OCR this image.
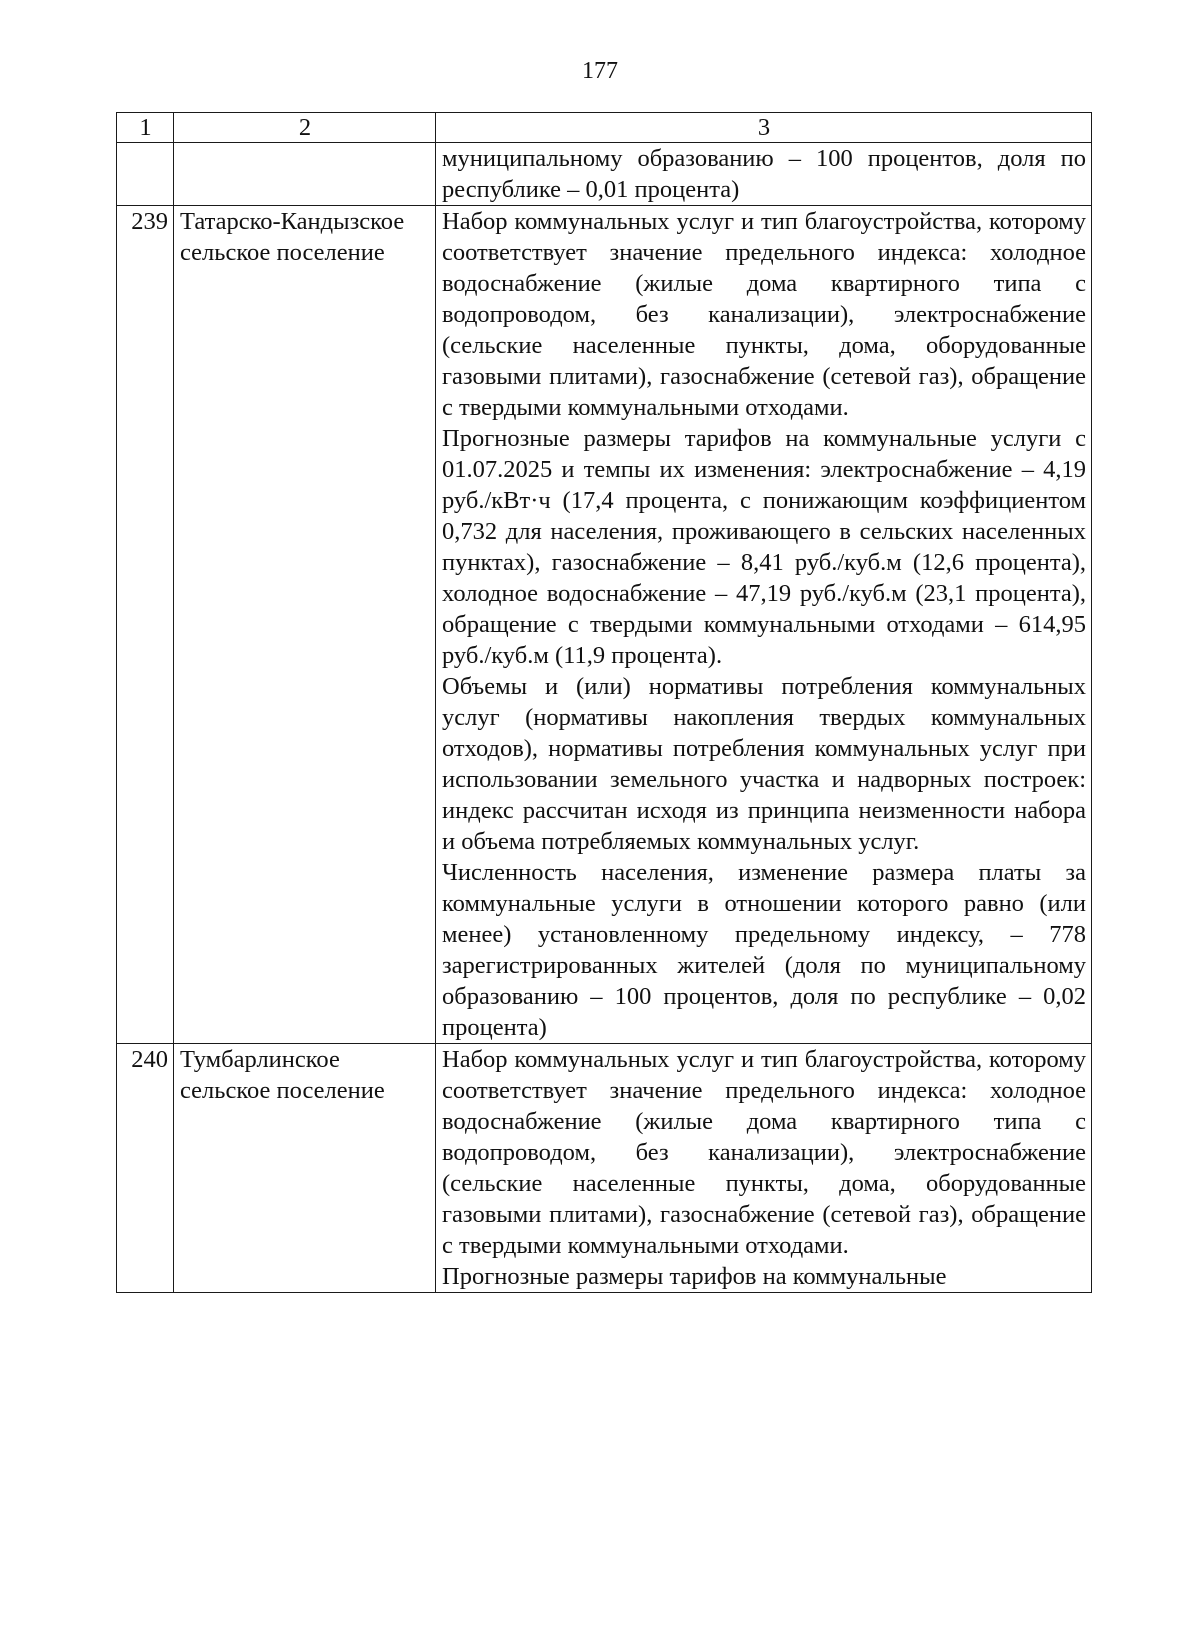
177
1	2	3

		муниципальному образованию – 100 процентов, доля по республике – 0,01 процента)

239	Татарско-Кандызское сельское поселение	Набор коммунальных услуг и тип благоустройства, которому соответствует значение предельного индекса: холодное водоснабжение (жилые дома квартирного типа с водопроводом, без канализации), электроснабжение (сельские населенные пункты, дома, оборудованные газовыми плитами), газоснабжение (сетевой газ), обращение с твердыми коммунальными отходами.
Прогнозные размеры тарифов на коммунальные услуги с 01.07.2025 и темпы их изменения: электроснабжение – 4,19 руб./кВт·ч (17,4 процента, с понижающим коэффициентом 0,732 для населения, проживающего в сельских населенных пунктах), газоснабжение – 8,41 руб./куб.м (12,6 процента), холодное водоснабжение – 47,19 руб./куб.м (23,1 процента), обращение с твердыми коммунальными отходами – 614,95 руб./куб.м (11,9 процента).
Объемы и (или) нормативы потребления коммунальных услуг (нормативы накопления твердых коммунальных отходов), нормативы потребления коммунальных услуг при использовании земельного участка и надворных построек: индекс рассчитан исходя из принципа неизменности набора и объема потребляемых коммунальных услуг.
Численность населения, изменение размера платы за коммунальные услуги в отношении которого равно (или менее) установленному предельному индексу, – 778 зарегистрированных жителей (доля по муниципальному образованию – 100 процентов, доля по республике – 0,02 процента)

240	Тумбарлинское сельское поселение	Набор коммунальных услуг и тип благоустройства, которому соответствует значение предельного индекса: холодное водоснабжение (жилые дома квартирного типа с водопроводом, без канализации), электроснабжение (сельские населенные пункты, дома, оборудованные газовыми плитами), газоснабжение (сетевой газ), обращение с твердыми коммунальными отходами.
Прогнозные размеры тарифов на коммунальные
